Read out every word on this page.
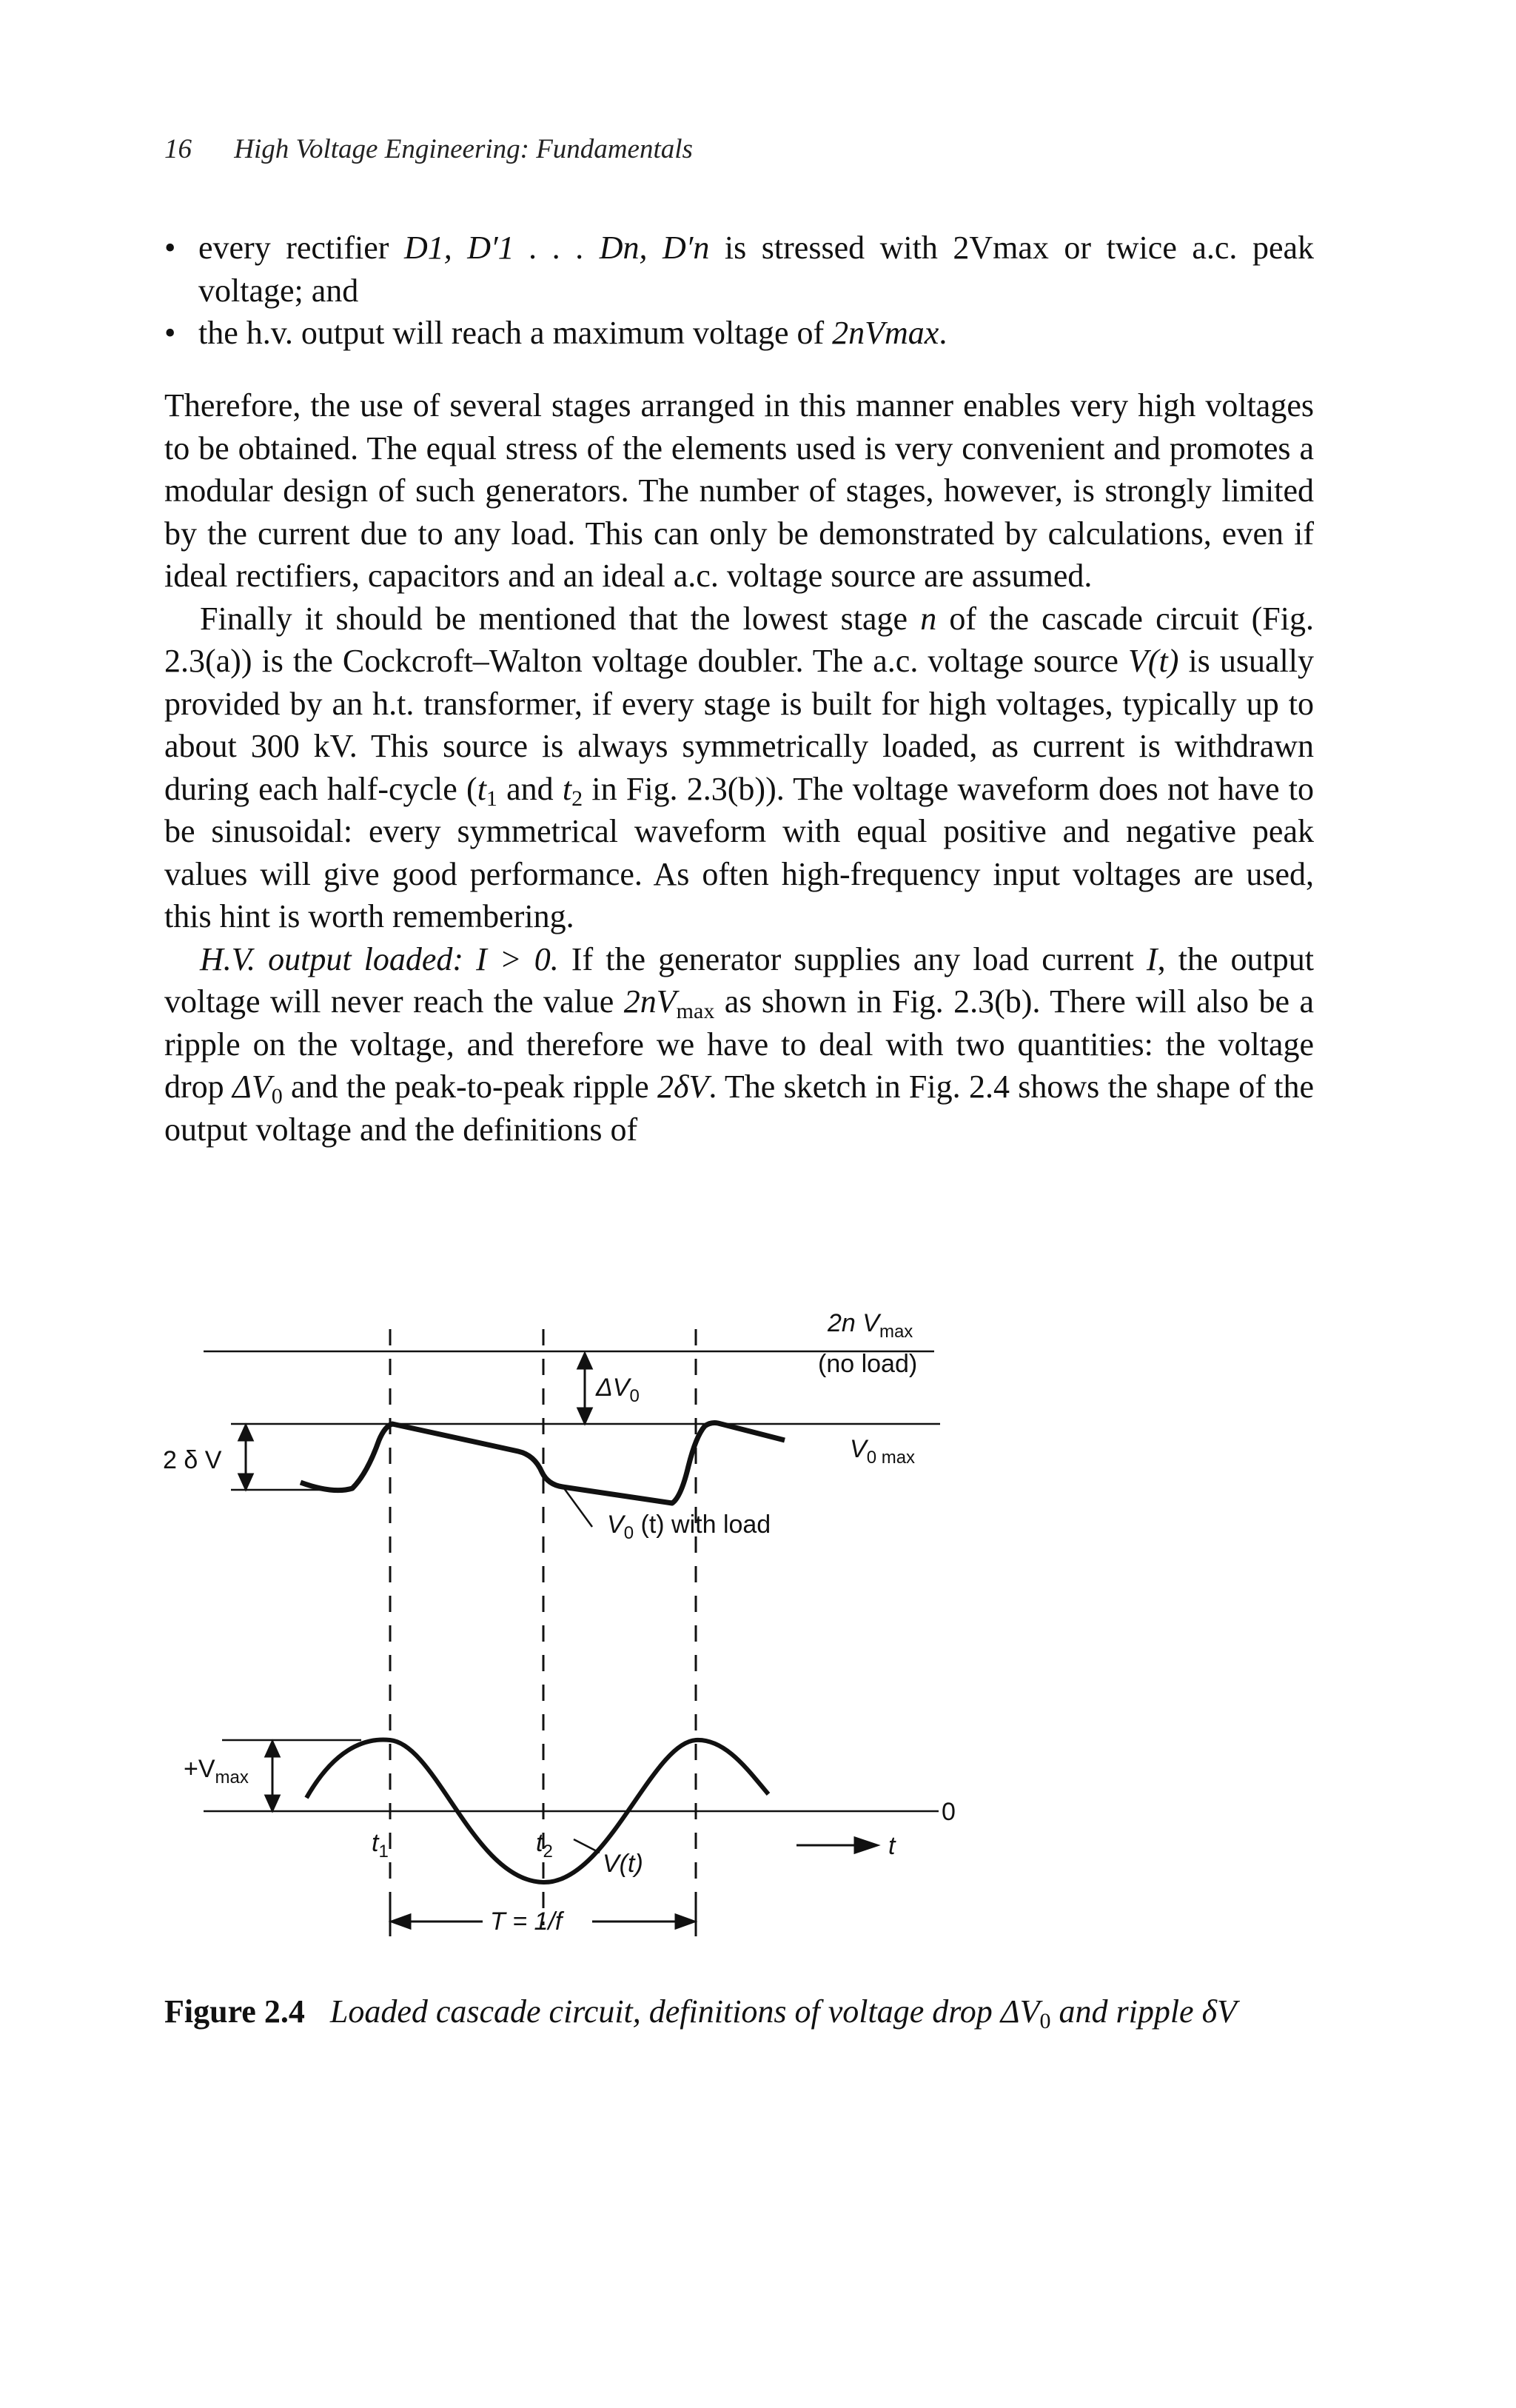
16 High Voltage Engineering: Fundamentals
• every rectifier D1, D′1 . . . Dn, D′n is stressed with 2Vmax or twice a.c. peak voltage; and
• the h.v. output will reach a maximum voltage of 2nVmax.

Therefore, the use of several stages arranged in this manner enables very high voltages to be obtained. The equal stress of the elements used is very convenient and promotes a modular design of such generators. The number of stages, however, is strongly limited by the current due to any load. This can only be demonstrated by calculations, even if ideal rectifiers, capacitors and an ideal a.c. voltage source are assumed.

Finally it should be mentioned that the lowest stage n of the cascade circuit (Fig. 2.3(a)) is the Cockcroft–Walton voltage doubler. The a.c. voltage source V(t) is usually provided by an h.t. transformer, if every stage is built for high voltages, typically up to about 300 kV. This source is always symmetrically loaded, as current is withdrawn during each half-cycle ($t_1$ and $t_2$ in Fig. 2.3(b)). The voltage waveform does not have to be sinusoidal: every symmetrical waveform with equal positive and negative peak values will give good performance. As often high-frequency input voltages are used, this hint is worth remembering.

H.V. output loaded: I > 0. If the generator supplies any load current I, the output voltage will never reach the value $2nV_{max}$ as shown in Fig. 2.3(b). There will also be a ripple on the voltage, and therefore we have to deal with two quantities: the voltage drop $\Delta V_0$ and the peak-to-peak ripple 2δV. The sketch in Fig. 2.4 shows the shape of the output voltage and the definitions of

2n $V_{max}$
(no load)
$\Delta V_0$
$V_{0 max}$
2 δ V
$V_0$ (t) with load
$+V_{max}$
0
$t_1$	$t_2$ V(t)
t
T = 1/f
Figure 2.4 Loaded cascade circuit, definitions of voltage drop $\Delta V_0$ and ripple δV
